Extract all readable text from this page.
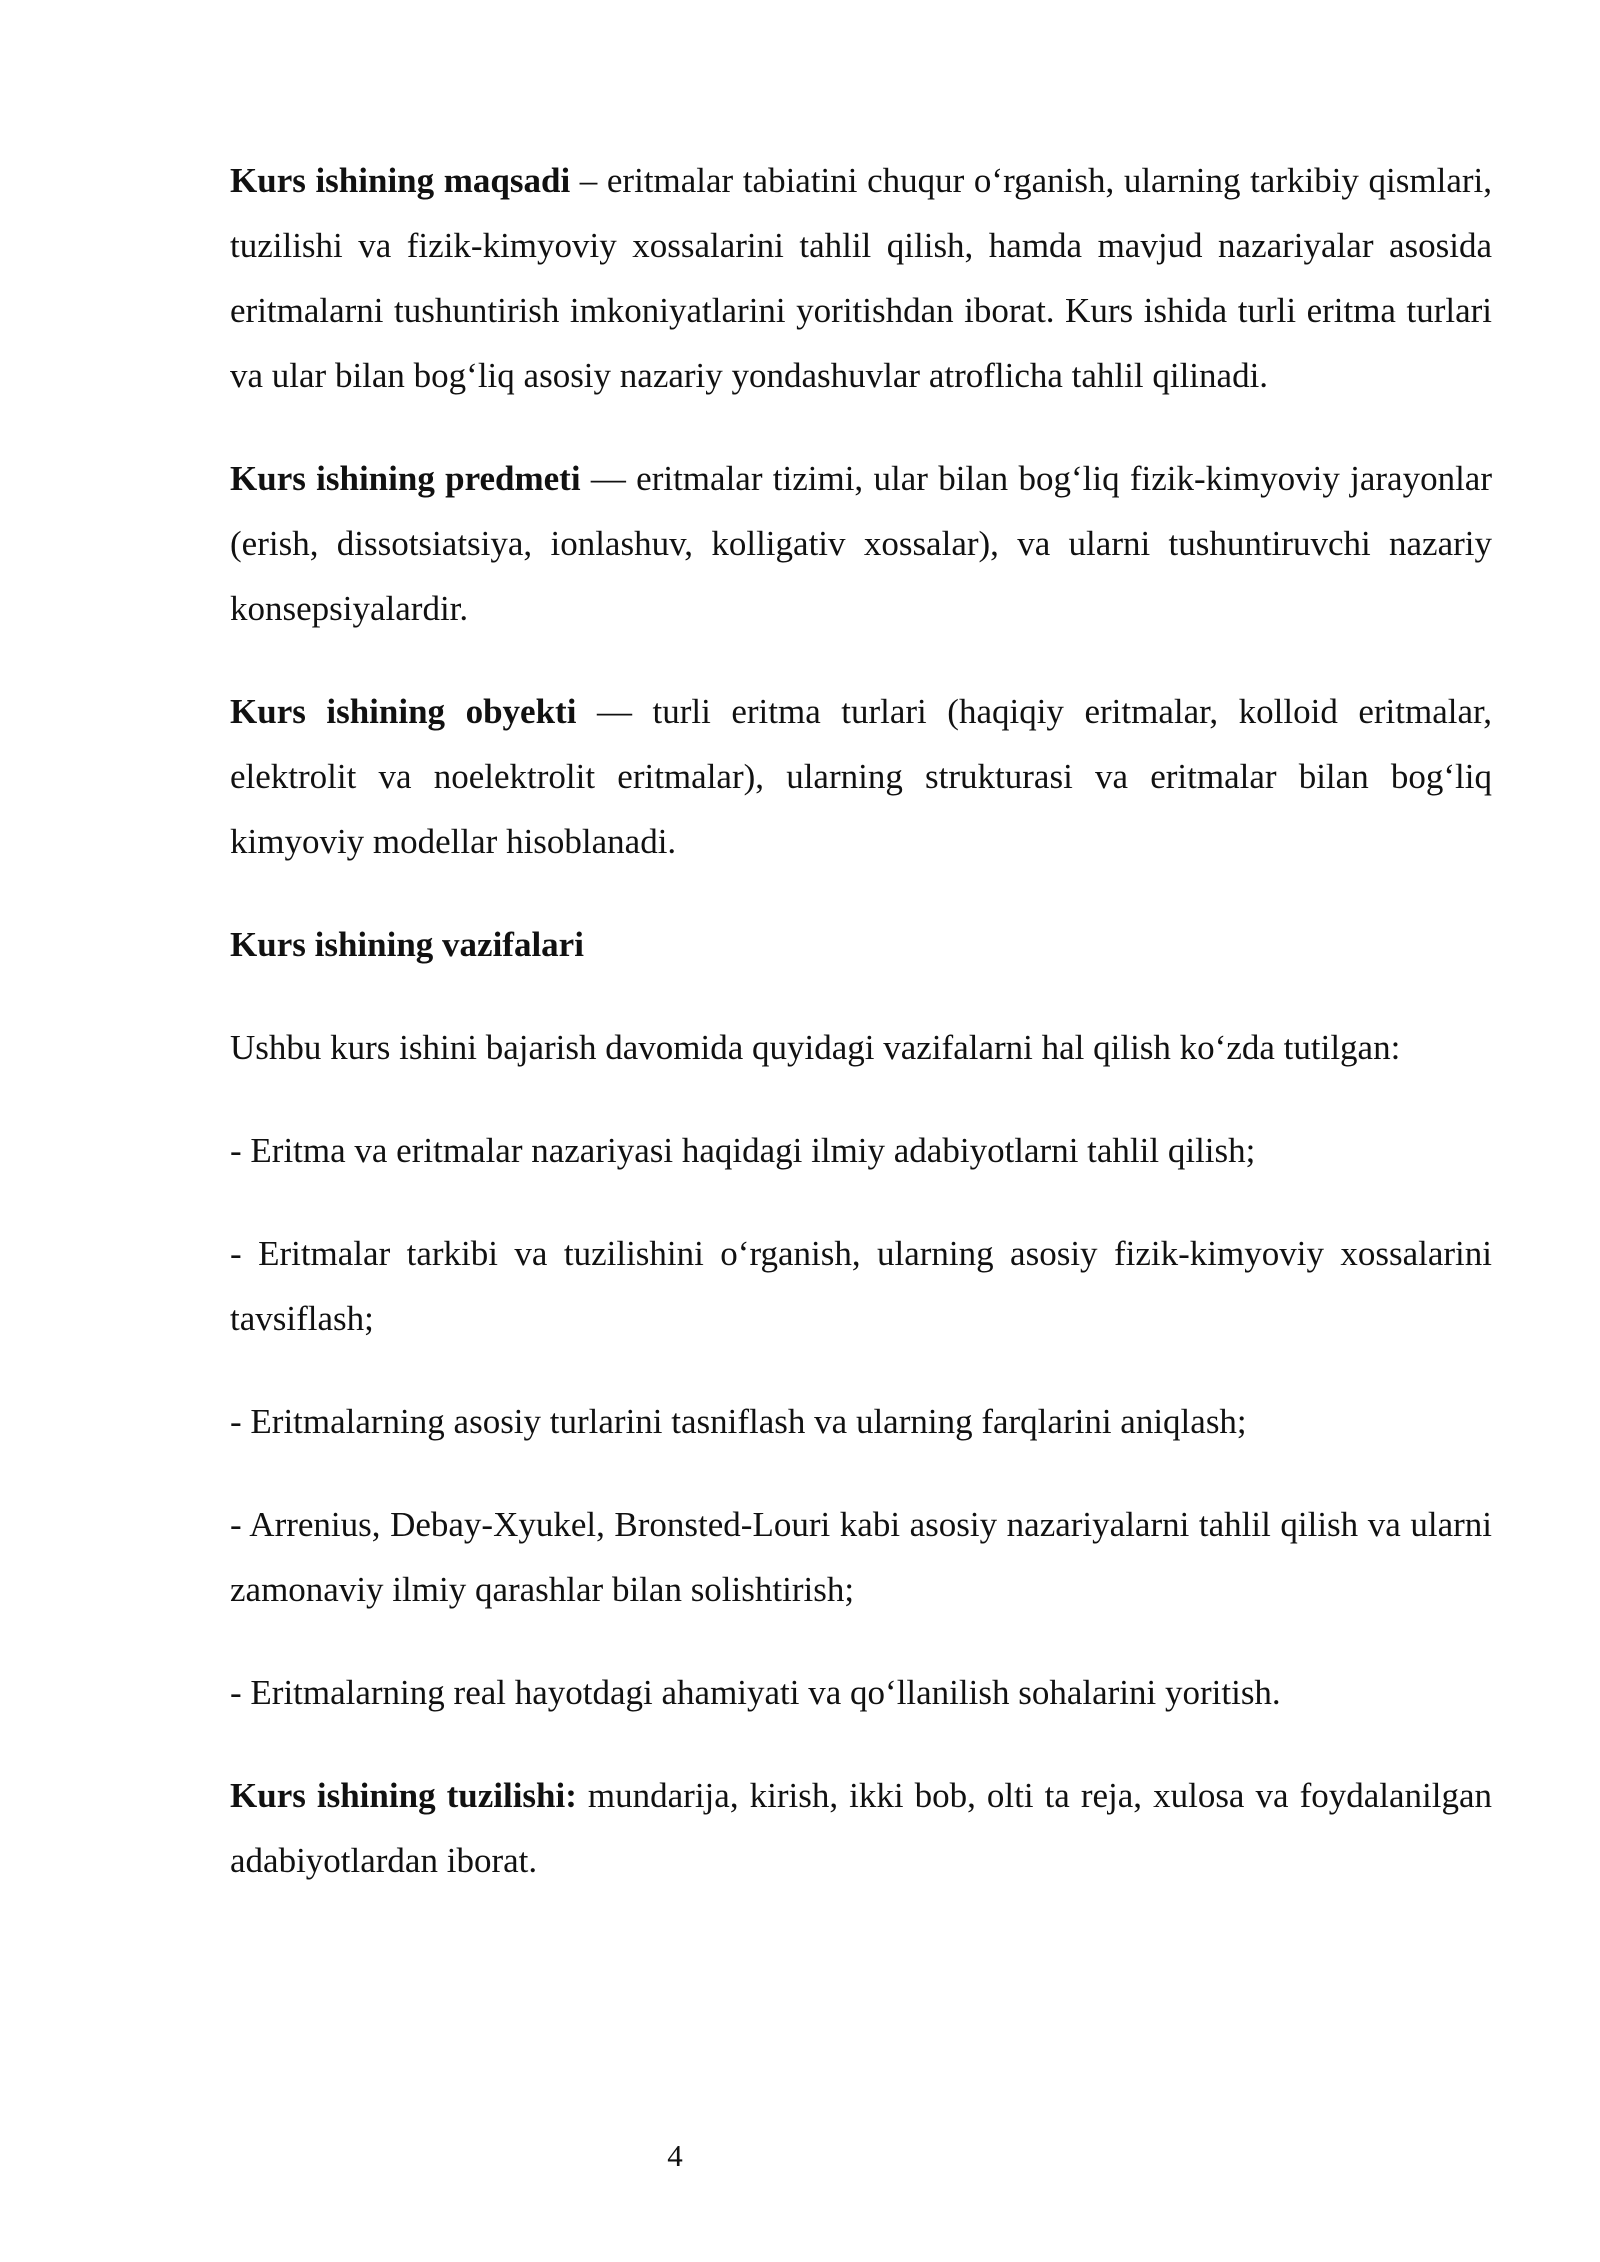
Kurs ishining maqsadi – eritmalar tabiatini chuqur o‘rganish, ularning tarkibiy qismlari, tuzilishi va fizik-kimyoviy xossalarini tahlil qilish, hamda mavjud nazariyalar asosida eritmalarni tushuntirish imkoniyatlarini yoritishdan iborat. Kurs ishida turli eritma turlari va ular bilan bog‘liq asosiy nazariy yondashuvlar atroflicha tahlil qilinadi.

Kurs ishining predmeti — eritmalar tizimi, ular bilan bog‘liq fizik-kimyoviy jarayonlar (erish, dissotsiatsiya, ionlashuv, kolligativ xossalar), va ularni tushuntiruvchi nazariy konsepsiyalardir.

Kurs ishining obyekti — turli eritma turlari (haqiqiy eritmalar, kolloid eritmalar, elektrolit va noelektrolit eritmalar), ularning strukturasi va eritmalar bilan bog‘liq kimyoviy modellar hisoblanadi.

Kurs ishining vazifalari

Ushbu kurs ishini bajarish davomida quyidagi vazifalarni hal qilish ko‘zda tutilgan:

- Eritma va eritmalar nazariyasi haqidagi ilmiy adabiyotlarni tahlil qilish;

- Eritmalar tarkibi va tuzilishini o‘rganish, ularning asosiy fizik-kimyoviy xossalarini tavsiflash;

- Eritmalarning asosiy turlarini tasniflash va ularning farqlarini aniqlash;

- Arrenius, Debay-Xyukel, Bronsted-Louri kabi asosiy nazariyalarni tahlil qilish va ularni zamonaviy ilmiy qarashlar bilan solishtirish;

- Eritmalarning real hayotdagi ahamiyati va qo‘llanilish sohalarini yoritish.

Kurs ishining tuzilishi: mundarija, kirish, ikki bob, olti ta reja, xulosa va foydalanilgan adabiyotlardan iborat.

4
